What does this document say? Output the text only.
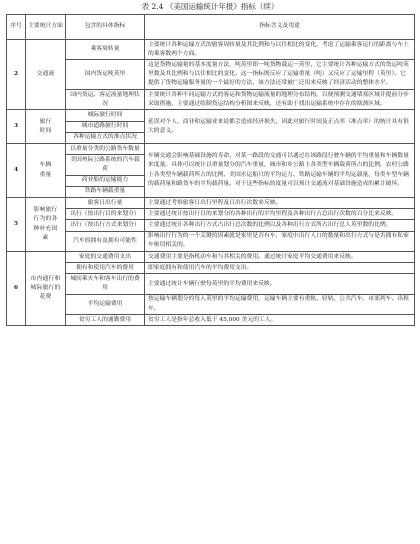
表 2.4 《美国运输统计年报》指标（续）
序号	主要统计方面	包含的具体指标	指标含义及用途
2	交通流	乘客周转量	主要统计各种运输方式的旅客周转量及其比例和与以往相比的变化，考虑了运输乘客运行的距离与车上的乘客数两个方面。
		国内货运吨英里	这是货物运输量的基本度量方法，吨英里即一吨货物载运一英里，它主要统计各种运输方式的货运吨英里数及其比例和与以往相比的变化。这一指标既反应了运输重量（吨）又反应了运输里程（英里）。它提供了货物运输服务量的一个最好的方法，该方法还常被广泛用来反映了经济活动的整体水平。
		国内货运、客运流量地理状况	主要统计各种不同运输方式的客运和货物运输流量的地理分布结构，以便预测交通堵塞区域并提前分步采取措施，主要通过绘制货运结构分析图来反映，还有助于找出运输系统中存在的瓶颈区域。
3	旅行时间	城际旅行时间	延误对个人、商业和运输业来说都会造成经济损失，因此对旅行时间及正点率（准点率）的统计具有很大的意义。
		城市道路旅行时间	
		各种运输方式的准点状况	
4	车辆重量	以重量分类的公路货车数量	车辆交通会影响基础设施的寿命，对某一路段的交通可以通过在该路段行驶车辆的平均重量和车辆数量来度量。具体可以统计以重量划分的汽车重量，城市和乡公路上各类型车辆载荷所占的比例，农村公路上各类型车辆载荷所占的比例、美国水运船只的平均运力、铁路运输车辆的平均运载量，每类车型车辆的载荷量和路货车的平均载荷量。对于这些指标的度量可以预计交通流对基础设施造成的累计破坏。
		美国州际公路系统的汽车载荷	
		商业船的运输能力	
		铁路车辆载重量	
5	影响旅行行为的各种补充因素	旅客日出行量	主要通过考察旅客日出行里程及日出行次数来反映。
		出行（按出行目的来划分）	主要通过统计按出行目的来划分的各种出行的平均里程及各种出行占总出行次数的百分比来反映。
		出行（按出行方式来划分）	主要通过统计各种出行方式占出行总次数的比例以及各种出行方式所占出行总人英里数的比例。
		汽车的拥有及拥有可能性	影响出行行为的一个关键的因素就是家里是否有车，家庭中出行人口的数量和出行方式与是否拥有私家车密切相关的。
6	市内通行和城际旅行的花费	家庭的交通费用支出	交通费用主要是指机动车和与其相关的费用。通过统计家庭平均交通费用来反映。
		拥有和使用汽车的费用	即家庭拥有和使用汽车的平均费用支出。
		城间乘火车和客车出行的费用	主要通过统计车辆行驶每英里的平均费用来反映。
		平均运输费用	按运输车辆划分的每人英里的平均运输费用，运输车辆主要有重轨、轻轨、公共汽车、市郊列车、出租车。
		贫穷工人的通勤费用	贫穷工人是指年总收入低于 45,000 美元的工人。
